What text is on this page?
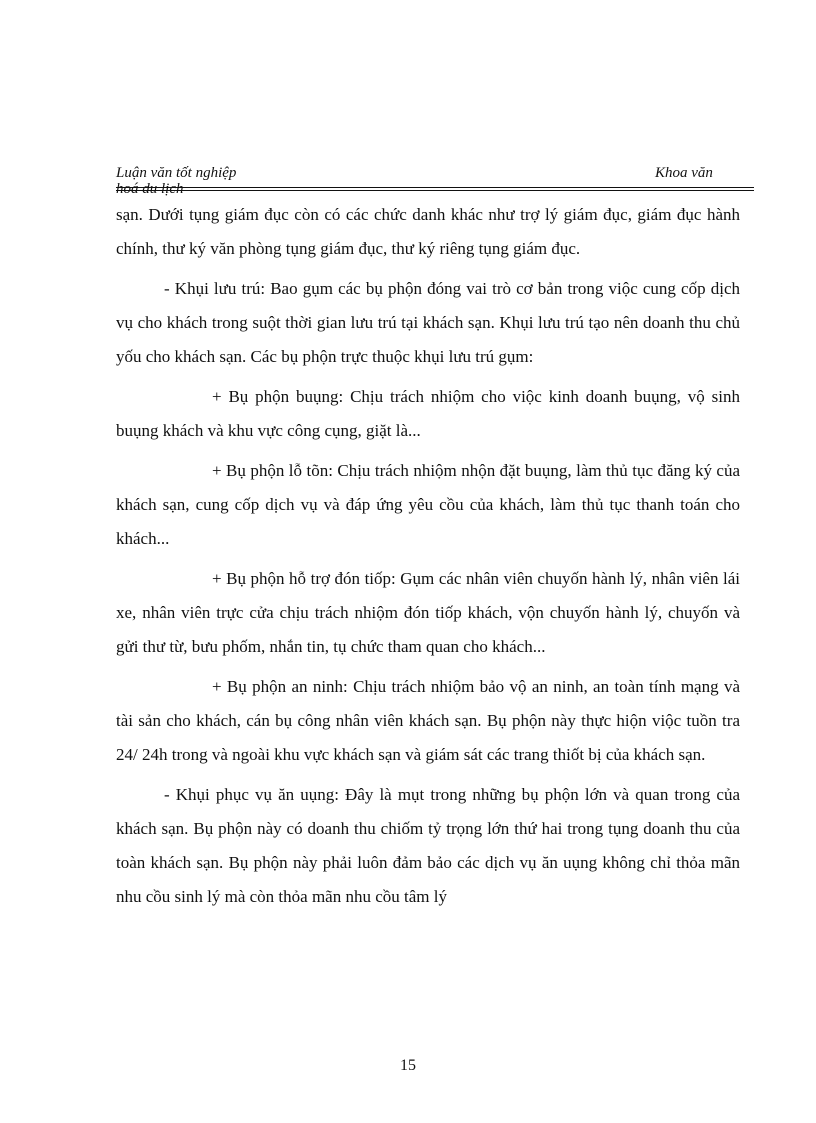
Luận văn tốt nghiệp
hoá du lịch
Khoa văn

sạn. Dưới tụng giám đục còn có các chức danh khác như trợ lý giám đục, giám đục hành chính, thư ký văn phòng tụng giám đục, thư ký riêng tụng giám đục.

- Khụi lưu trú: Bao gụm các bụ phộn đóng vai trò cơ bản trong viộc cung cốp dịch vụ cho khách trong suột thời gian lưu trú tại khách sạn. Khụi lưu trú tạo nên doanh thu chủ yốu cho khách sạn. Các bụ phộn trực thuộc khụi lưu trú gụm:

+ Bụ phộn buụng: Chịu trách nhiộm cho viộc kinh doanh buụng, vộ sinh buụng khách và khu vực công cụng, giặt là...

+ Bụ phộn lỗ tõn: Chịu trách nhiộm nhộn đặt buụng, làm thủ tục đăng ký của khách sạn, cung cốp dịch vụ và đáp ứng yêu cồu của khách, làm thủ tục thanh toán cho khách...

+ Bụ phộn hỗ trợ đón tiốp: Gụm các nhân viên chuyốn hành lý, nhân viên lái xe, nhân viên trực cửa chịu trách nhiộm đón tiốp khách, vộn chuyốn hành lý, chuyốn và gửi thư từ, bưu phốm, nhắn tin, tụ chức tham quan cho khách...

+ Bụ phộn an ninh: Chịu trách nhiộm bảo vộ an ninh, an toàn tính mạng và tài sản cho khách, cán bụ công nhân viên khách sạn. Bụ phộn này thực hiộn viộc tuồn tra 24/ 24h trong và ngoài khu vực khách sạn và giám sát các trang thiốt bị của khách sạn.

- Khụi phục vụ ăn uụng: Đây là mụt trong những bụ phộn lớn và quan trong của khách sạn. Bụ phộn này có doanh thu chiốm tỷ trọng lớn thứ hai trong tụng doanh thu của toàn khách sạn. Bụ phộn này phải luôn đảm bảo các dịch vụ ăn uụng không chỉ thỏa mãn nhu cồu sinh lý mà còn thỏa mãn nhu cồu tâm lý

15
